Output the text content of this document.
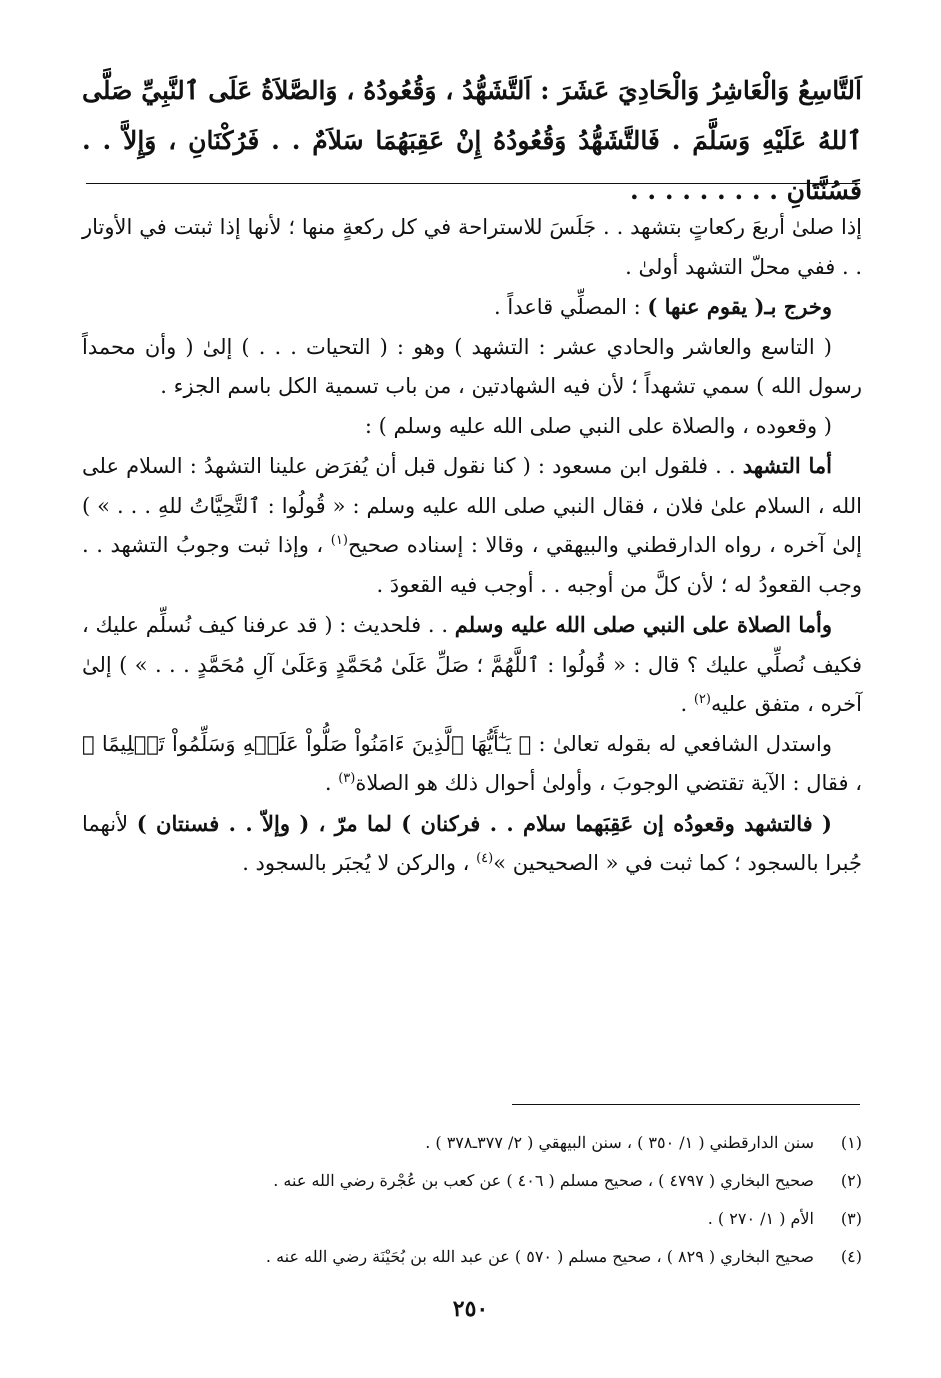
اَلتَّاسِعُ وَالْعَاشِرُ وَالْحَادِيَ عَشَرَ : اَلتَّشَهُّدُ ، وَقُعُودُهُ ، وَالصَّلاَةُ عَلَى ٱلنَّبِيِّ صَلَّى ٱللهُ عَلَيْهِ وَسَلَّمَ . فَالتَّشَهُّدُ وَقُعُودُهُ إِنْ عَقِبَهُمَا سَلاَمٌ . . فَرُكْنَانِ ، وَإِلاَّ . . فَسُنَّتَانِ . . . . . . . . .

إذا صلىٰ أربعَ ركعاتٍ بتشهد . . جَلَسَ للاستراحة في كل ركعةٍ منها ؛ لأنها إذا ثبتت في الأوتار . . ففي محلّ التشهد أولىٰ .

وخرج بـ( يقوم عنها ) : المصلِّي قاعداً .

( التاسع والعاشر والحادي عشر : التشهد ) وهو : ( التحيات . . . ) إلىٰ ( وأن محمداً رسول الله ) سمي تشهداً ؛ لأن فيه الشهادتين ، من باب تسمية الكل باسم الجزء .

( وقعوده ، والصلاة على النبي صلى الله عليه وسلم ) :

أما التشهد . . فلقول ابن مسعود : ( كنا نقول قبل أن يُفرَض علينا التشهدُ : السلام على الله ، السلام علىٰ فلان ، فقال النبي صلى الله عليه وسلم : « قُولُوا : ٱلتَّحِيَّاتُ للهِ . . . » ) إلىٰ آخره ، رواه الدارقطني والبيهقي ، وقالا : إسناده صحيح$^{(١)}$ ، وإذا ثبت وجوبُ التشهد . . وجب القعودُ له ؛ لأن كلَّ من أوجبه . . أوجب فيه القعودَ .

وأما الصلاة على النبي صلى الله عليه وسلم . . فلحديث : ( قد عرفنا كيف نُسلِّم عليك ، فكيف نُصلِّي عليك ؟ قال : « قُولُوا : ٱللَّهُمَّ ؛ صَلِّ عَلَىٰ مُحَمَّدٍ وَعَلَىٰ آلِ مُحَمَّدٍ . . . » ) إلىٰ آخره ، متفق عليه$^{(٢)}$ .

واستدل الشافعي له بقوله تعالىٰ : ﴿ يَـٰٓأَيُّهَا ٱلَّذِينَ ءَامَنُواْ صَلُّواْ عَلَيۡهِ وَسَلِّمُواْ تَسۡلِيمًا ﴾ ، فقال : الآية تقتضي الوجوبَ ، وأولىٰ أحوال ذلك هو الصلاة$^{(٣)}$ .

( فالتشهد وقعودُه إن عَقِبَهما سلام . . فركنان ) لما مرّ ، ( وإلاّ . . فسنتان ) لأنهما جُبرا بالسجود ؛ كما ثبت في « الصحيحين »$^{(٤)}$ ، والركن لا يُجبَر بالسجود .

(١)
سنن الدارقطني ( ١/ ٣٥٠ ) ، سنن البيهقي ( ٢/ ٣٧٧ـ٣٧٨ ) .
(٢)
صحيح البخاري ( ٤٧٩٧ ) ، صحيح مسلم ( ٤٠٦ ) عن كعب بن عُجْرة رضي الله عنه .
(٣)
الأم ( ١/ ٢٧٠ ) .
(٤)
صحيح البخاري ( ٨٢٩ ) ، صحيح مسلم ( ٥٧٠ ) عن عبد الله بن بُحَيْنَة رضي الله عنه .
٢٥٠
